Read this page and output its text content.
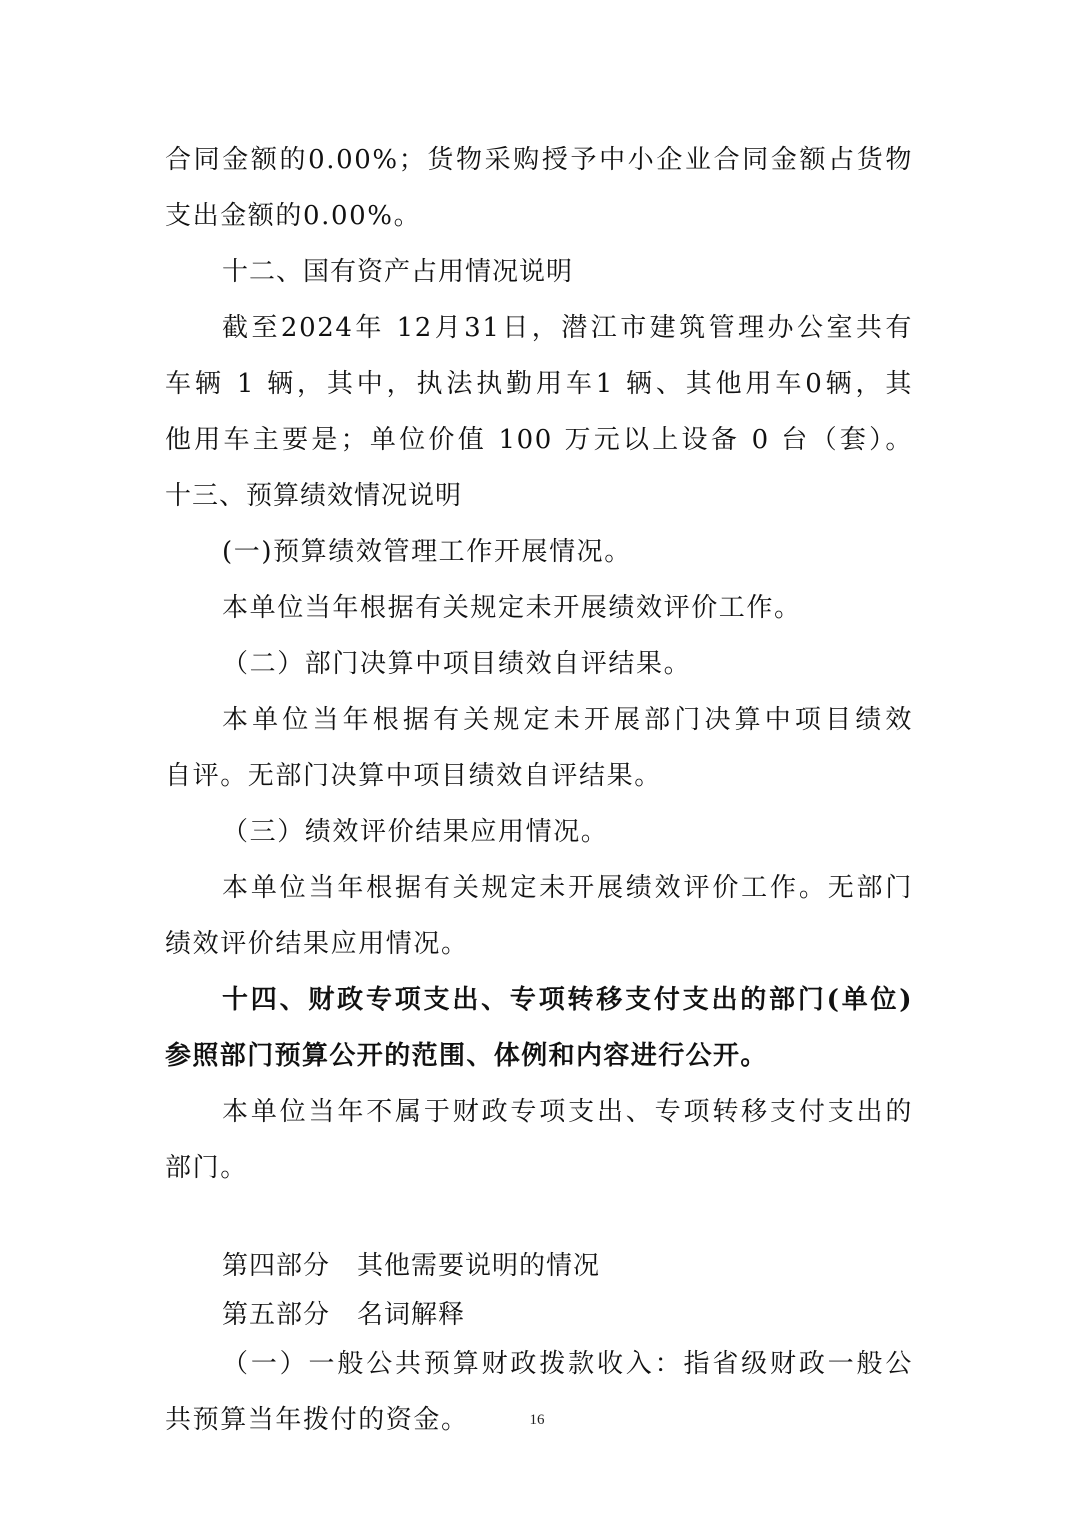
合同金额的0.00%；货物采购授予中小企业合同金额占货物

支出金额的0.00%。

十二、国有资产占用情况说明

截至2024年 12月31日，潜江市建筑管理办公室共有

车辆 1 辆，其中，执法执勤用车1 辆、其他用车0辆，其

他用车主要是；单位价值 100 万元以上设备 0 台（套）。

十三、预算绩效情况说明

(一)预算绩效管理工作开展情况。

本单位当年根据有关规定未开展绩效评价工作。

（二）部门决算中项目绩效自评结果。

本单位当年根据有关规定未开展部门决算中项目绩效

自评。无部门决算中项目绩效自评结果。

（三）绩效评价结果应用情况。

本单位当年根据有关规定未开展绩效评价工作。无部门

绩效评价结果应用情况。

十四、财政专项支出、专项转移支付支出的部门(单位)

参照部门预算公开的范围、体例和内容进行公开。

本单位当年不属于财政专项支出、专项转移支付支出的

部门。

第四部分　其他需要说明的情况

第五部分　名词解释

（一）一般公共预算财政拨款收入：指省级财政一般公

共预算当年拨付的资金。	16
